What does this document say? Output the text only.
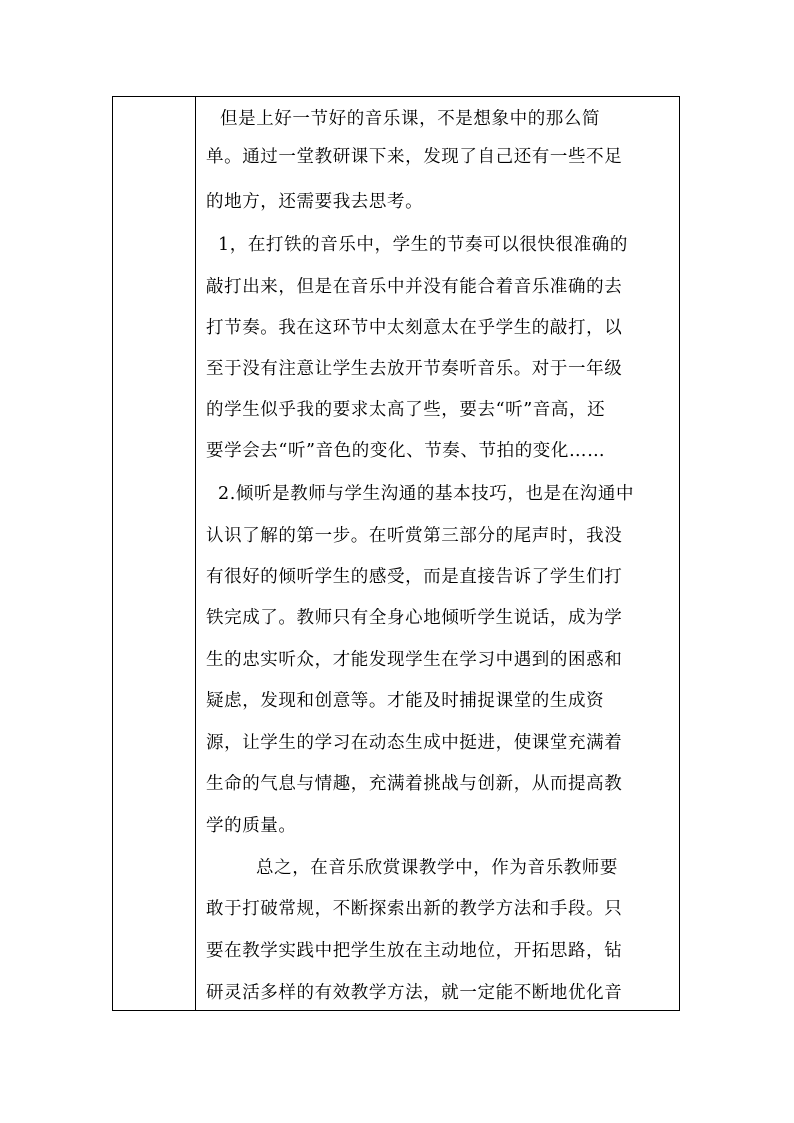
但是上好一节好的音乐课，不是想象中的那么简
单。通过一堂教研课下来，发现了自己还有一些不足
的地方，还需要我去思考。
1，在打铁的音乐中，学生的节奏可以很快很准确的
敲打出来，但是在音乐中并没有能合着音乐准确的去
打节奏。我在这环节中太刻意太在乎学生的敲打，以
至于没有注意让学生去放开节奏听音乐。对于一年级
的学生似乎我的要求太高了些，要去“听”音高，还
要学会去“听”音色的变化、节奏、节拍的变化……
2.倾听是教师与学生沟通的基本技巧，也是在沟通中
认识了解的第一步。在听赏第三部分的尾声时，我没
有很好的倾听学生的感受，而是直接告诉了学生们打
铁完成了。教师只有全身心地倾听学生说话，成为学
生的忠实听众，才能发现学生在学习中遇到的困惑和
疑虑，发现和创意等。才能及时捕捉课堂的生成资
源，让学生的学习在动态生成中挺进，使课堂充满着
生命的气息与情趣，充满着挑战与创新，从而提高教
学的质量。
总之，在音乐欣赏课教学中，作为音乐教师要
敢于打破常规，不断探索出新的教学方法和手段。只
要在教学实践中把学生放在主动地位，开拓思路，钻
研灵活多样的有效教学方法，就一定能不断地优化音
